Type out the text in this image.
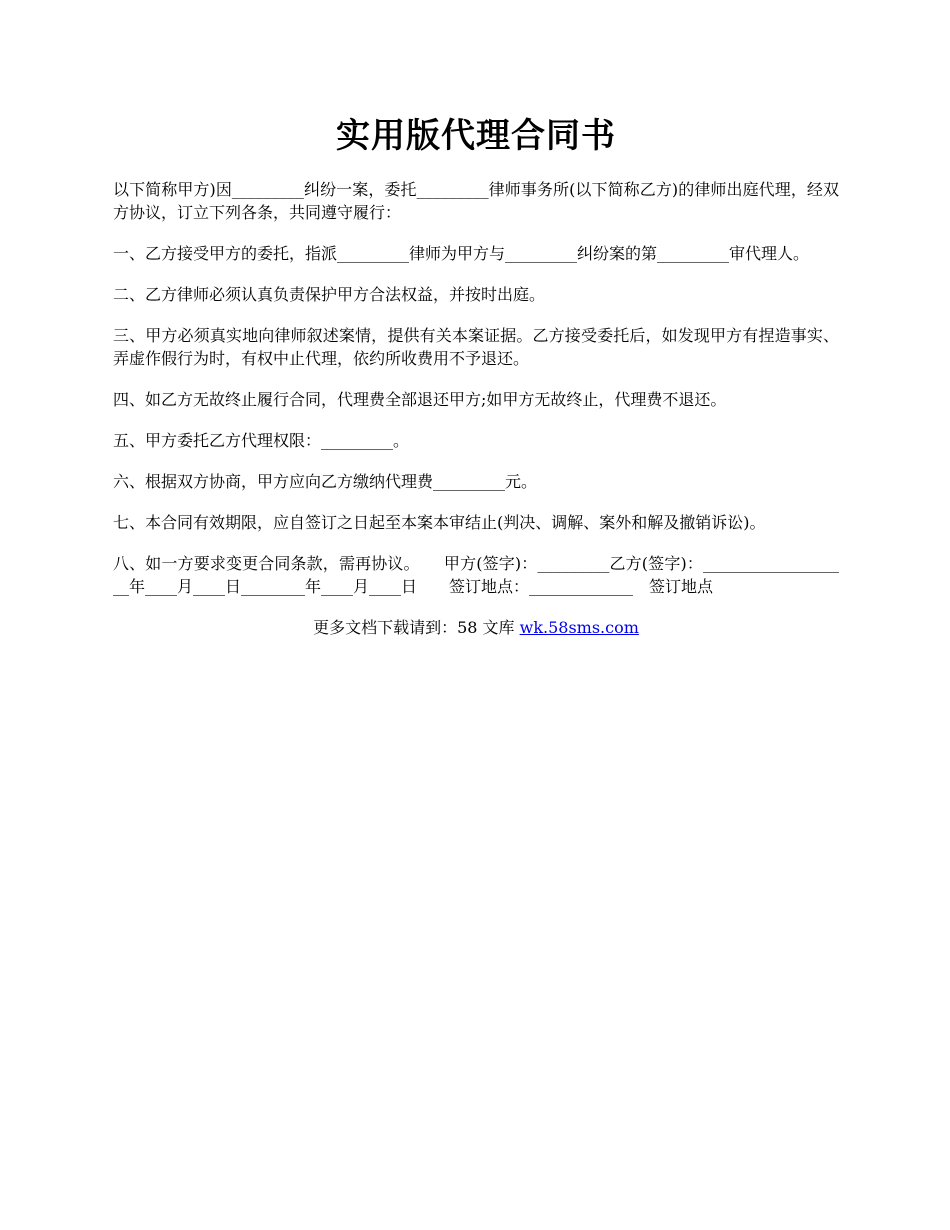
实用版代理合同书

以下简称甲方)因_________纠纷一案，委托_________律师事务所(以下简称乙方)的律师出庭代理，经双方协议，订立下列各条，共同遵守履行：

一、乙方接受甲方的委托，指派_________律师为甲方与_________纠纷案的第_________审代理人。

二、乙方律师必须认真负责保护甲方合法权益，并按时出庭。

三、甲方必须真实地向律师叙述案情，提供有关本案证据。乙方接受委托后，如发现甲方有捏造事实、弄虚作假行为时，有权中止代理，依约所收费用不予退还。

四、如乙方无故终止履行合同，代理费全部退还甲方;如甲方无故终止，代理费不退还。

五、甲方委托乙方代理权限：_________。

六、根据双方协商，甲方应向乙方缴纳代理费_________元。

七、本合同有效期限，应自签订之日起至本案本审结止(判决、调解、案外和解及撤销诉讼)。

八、如一方要求变更合同条款，需再协议。　　甲方(签字)：_________乙方(签字)：___________________年____月____日________年____月____日　　签订地点：_____________　签订地点

更多文档下载请到：58 文库 wk.58sms.com
